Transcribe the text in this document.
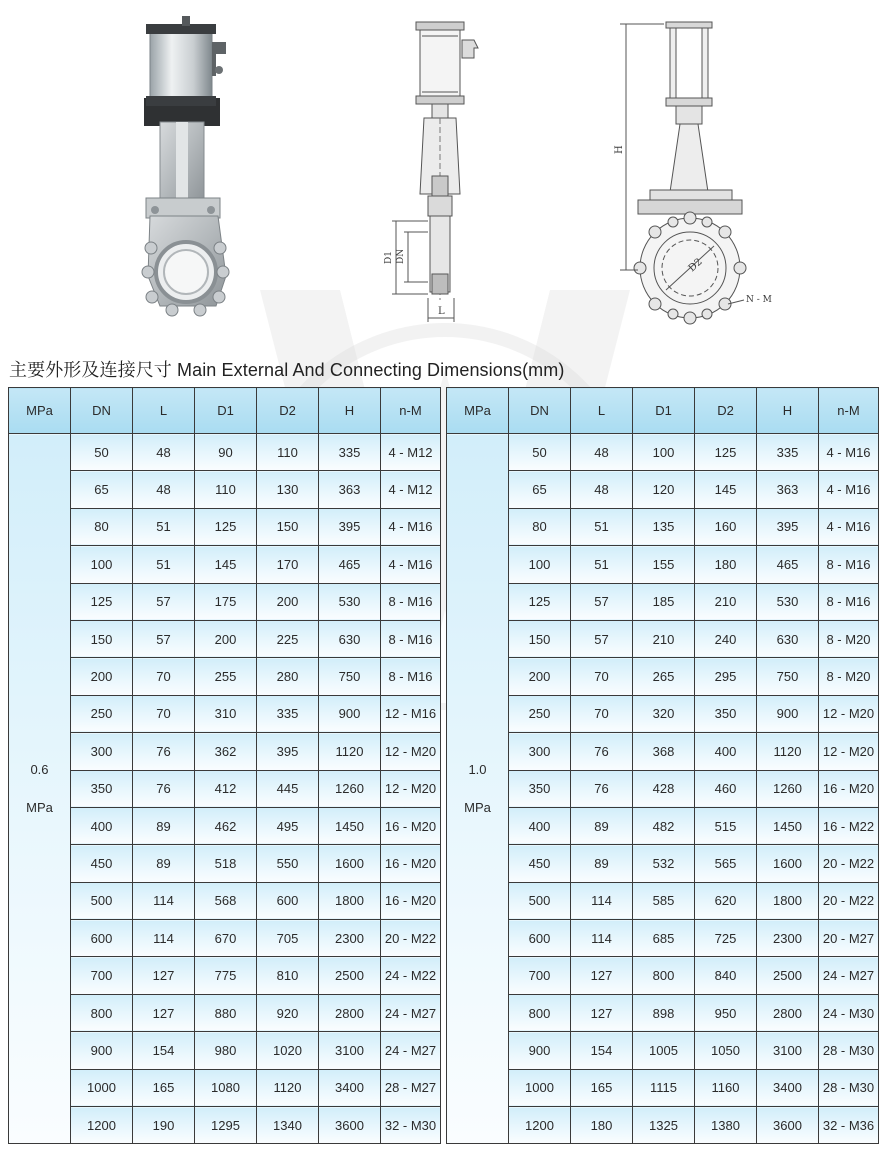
D1 DN
L
H
D2
N - M
主要外形及连接尺寸 Main External And Connecting Dimensions(mm)
MPa	DN	L	D1	D2	H	n-M

0.6
MPa	50	48	90	110	335	4 - M12
	65	48	110	130	363	4 - M12
	80	51	125	150	395	4 - M16
	100	51	145	170	465	4 - M16
	125	57	175	200	530	8 - M16
	150	57	200	225	630	8 - M16
	200	70	255	280	750	8 - M16
	250	70	310	335	900	12 - M16
	300	76	362	395	1120	12 - M20
	350	76	412	445	1260	12 - M20
	400	89	462	495	1450	16 - M20
	450	89	518	550	1600	16 - M20
	500	114	568	600	1800	16 - M20
	600	114	670	705	2300	20 - M22
	700	127	775	810	2500	24 - M22
	800	127	880	920	2800	24 - M27
	900	154	980	1020	3100	24 - M27
	1000	165	1080	1120	3400	28 - M27
	1200	190	1295	1340	3600	32 - M30
MPa	DN	L	D1	D2	H	n-M

1.0
MPa	50	48	100	125	335	4 - M16
	65	48	120	145	363	4 - M16
	80	51	135	160	395	4 - M16
	100	51	155	180	465	8 - M16
	125	57	185	210	530	8 - M16
	150	57	210	240	630	8 - M20
	200	70	265	295	750	8 - M20
	250	70	320	350	900	12 - M20
	300	76	368	400	1120	12 - M20
	350	76	428	460	1260	16 - M20
	400	89	482	515	1450	16 - M22
	450	89	532	565	1600	20 - M22
	500	114	585	620	1800	20 - M22
	600	114	685	725	2300	20 - M27
	700	127	800	840	2500	24 - M27
	800	127	898	950	2800	24 - M30
	900	154	1005	1050	3100	28 - M30
	1000	165	1115	1160	3400	28 - M30
	1200	180	1325	1380	3600	32 - M36
